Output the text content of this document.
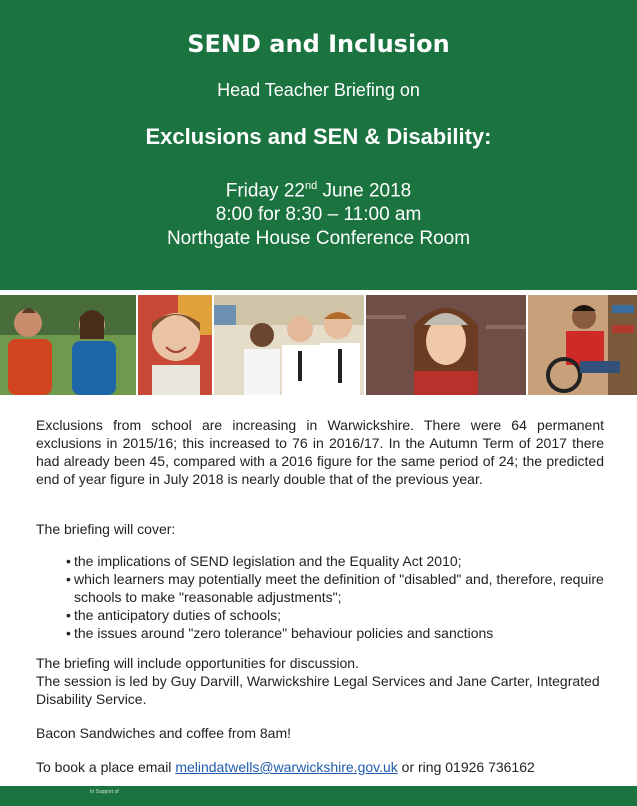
SEND and Inclusion
Head Teacher Briefing on
Exclusions and SEN & Disability:
Friday 22nd June 2018
8:00 for 8:30 – 11:00 am
Northgate House Conference Room
Exclusions from school are increasing in Warwickshire. There were 64 permanent exclusions in 2015/16; this increased to 76 in 2016/17. In the Autumn Term of 2017 there had already been 45, compared with a 2016 figure for the same period of 24; the predicted end of year figure in July 2018 is nearly double that of the previous year.
The briefing will cover:
• the implications of SEND legislation and the Equality Act 2010;
• which learners may potentially meet the definition of "disabled" and, therefore, require schools to make "reasonable adjustments";
• the anticipatory duties of schools;
• the issues around "zero tolerance" behaviour policies and sanctions
The briefing will include opportunities for discussion.
The session is led by Guy Darvill, Warwickshire Legal Services and Jane Carter, Integrated Disability Service.
Bacon Sandwiches and coffee from 8am!
To book a place email melindatwells@warwickshire.gov.uk or ring 01926 736162
In Support of
